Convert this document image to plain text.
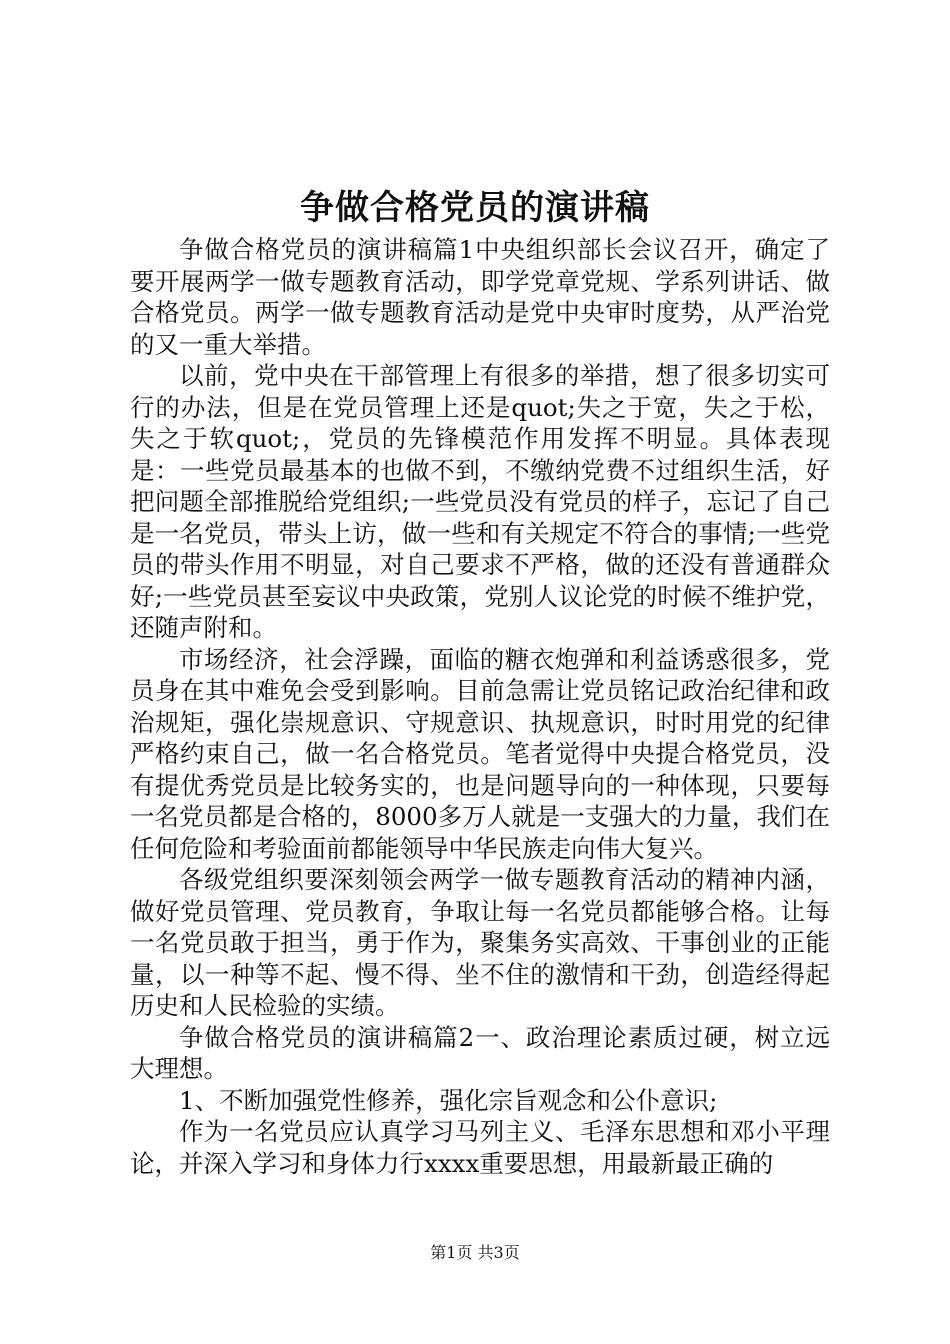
争做合格党员的演讲稿

争做合格党员的演讲稿篇1中央组织部长会议召开，确定了要开展两学一做专题教育活动，即学党章党规、学系列讲话、做合格党员。两学一做专题教育活动是党中央审时度势，从严治党的又一重大举措。

以前，党中央在干部管理上有很多的举措，想了很多切实可行的办法，但是在党员管理上还是quot;失之于宽，失之于松，失之于软quot;，党员的先锋模范作用发挥不明显。具体表现是：一些党员最基本的也做不到，不缴纳党费不过组织生活，好把问题全部推脱给党组织;一些党员没有党员的样子，忘记了自己是一名党员，带头上访，做一些和有关规定不符合的事情;一些党员的带头作用不明显，对自己要求不严格，做的还没有普通群众好;一些党员甚至妄议中央政策，党别人议论党的时候不维护党，还随声附和。

市场经济，社会浮躁，面临的糖衣炮弹和利益诱惑很多，党员身在其中难免会受到影响。目前急需让党员铭记政治纪律和政治规矩，强化崇规意识、守规意识、执规意识，时时用党的纪律严格约束自己，做一名合格党员。笔者觉得中央提合格党员，没有提优秀党员是比较务实的，也是问题导向的一种体现，只要每一名党员都是合格的，8000多万人就是一支强大的力量，我们在任何危险和考验面前都能领导中华民族走向伟大复兴。

各级党组织要深刻领会两学一做专题教育活动的精神内涵，做好党员管理、党员教育，争取让每一名党员都能够合格。让每一名党员敢于担当，勇于作为，聚集务实高效、干事创业的正能量，以一种等不起、慢不得、坐不住的激情和干劲，创造经得起历史和人民检验的实绩。

争做合格党员的演讲稿篇2一、政治理论素质过硬，树立远大理想。

1、不断加强党性修养，强化宗旨观念和公仆意识;

作为一名党员应认真学习马列主义、毛泽东思想和邓小平理论，并深入学习和身体力行xxxx重要思想，用最新最正确的

第1页 共3页
